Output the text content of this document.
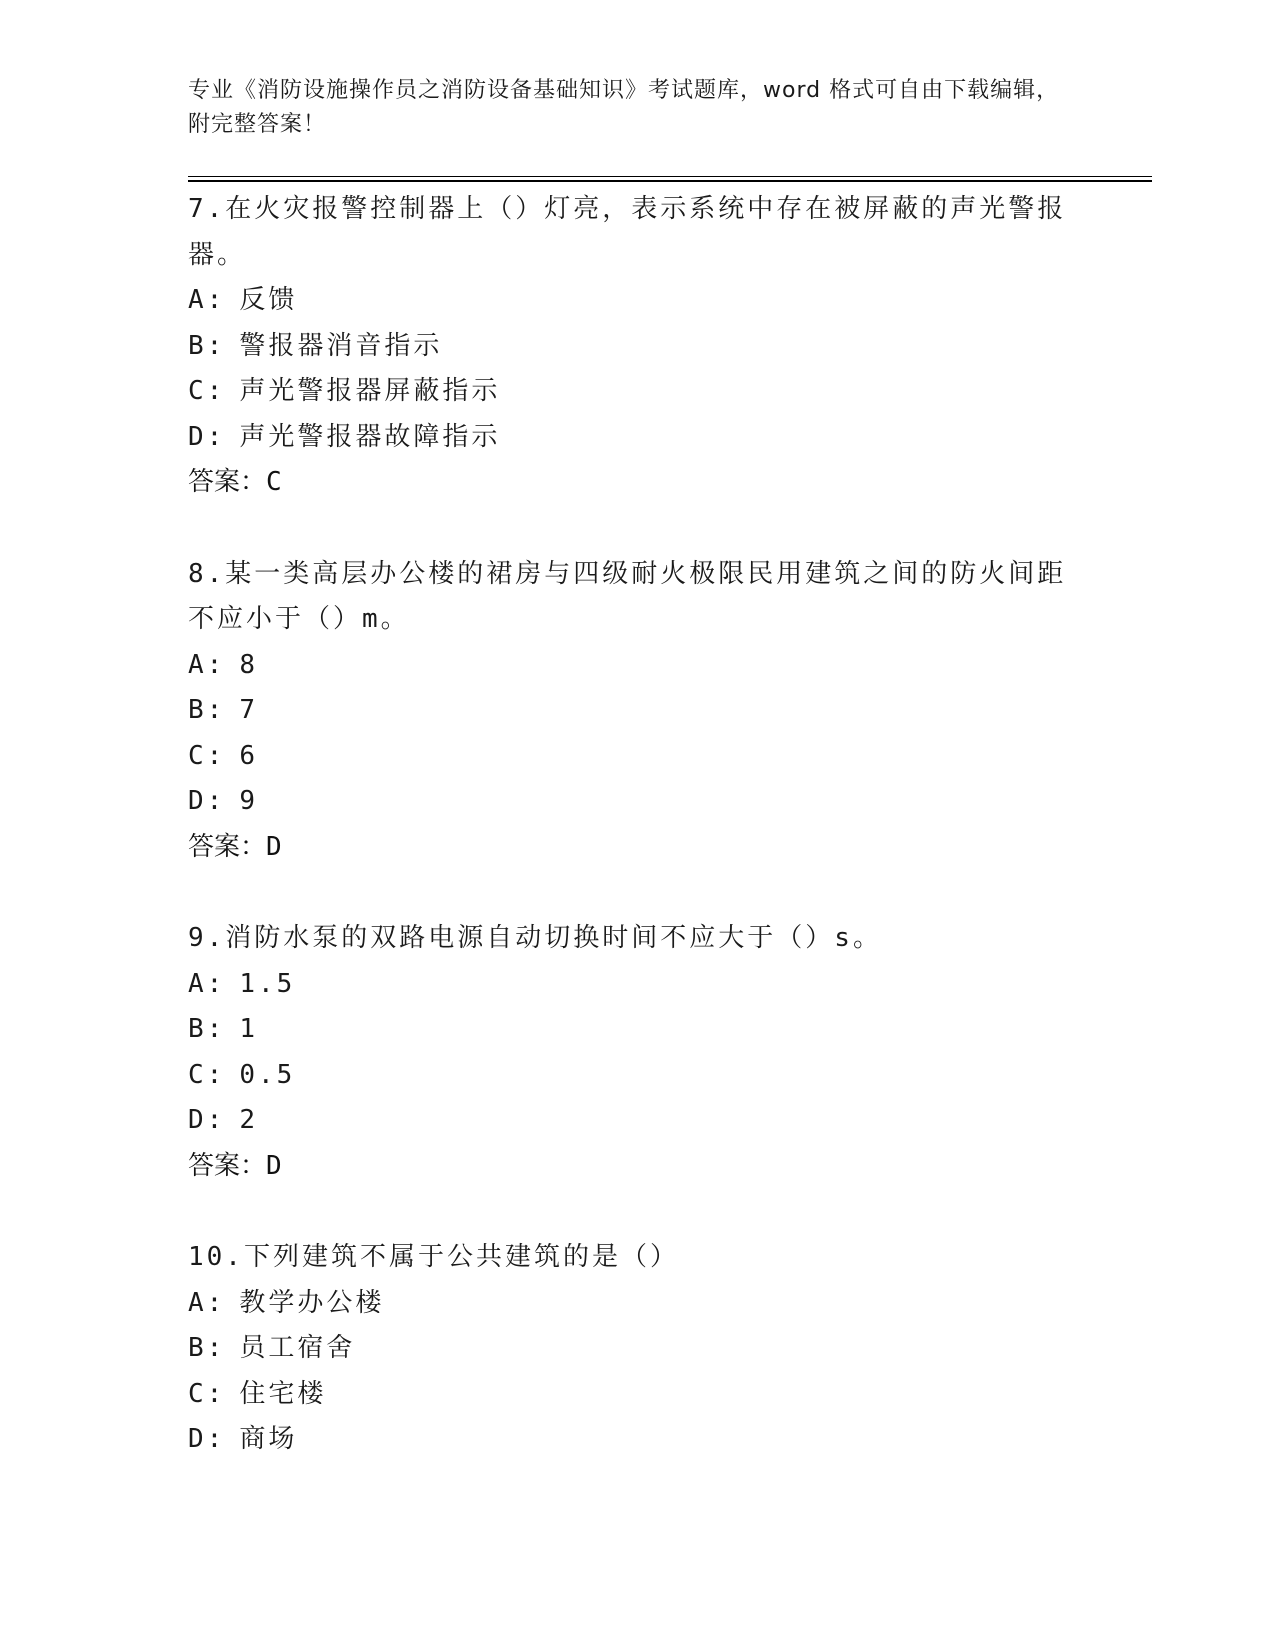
专业《消防设施操作员之消防设备基础知识》考试题库，word 格式可自由下载编辑，附完整答案！

7.在火灾报警控制器上（）灯亮，表示系统中存在被屏蔽的声光警报器。

A: 反馈

B: 警报器消音指示

C: 声光警报器屏蔽指示

D: 声光警报器故障指示

答案：C

8.某一类高层办公楼的裙房与四级耐火极限民用建筑之间的防火间距不应小于（）m。

A: 8

B: 7

C: 6

D: 9

答案：D

9.消防水泵的双路电源自动切换时间不应大于（）s。

A: 1.5

B: 1

C: 0.5

D: 2

答案：D

10.下列建筑不属于公共建筑的是（）

A: 教学办公楼

B: 员工宿舍

C: 住宅楼

D: 商场
